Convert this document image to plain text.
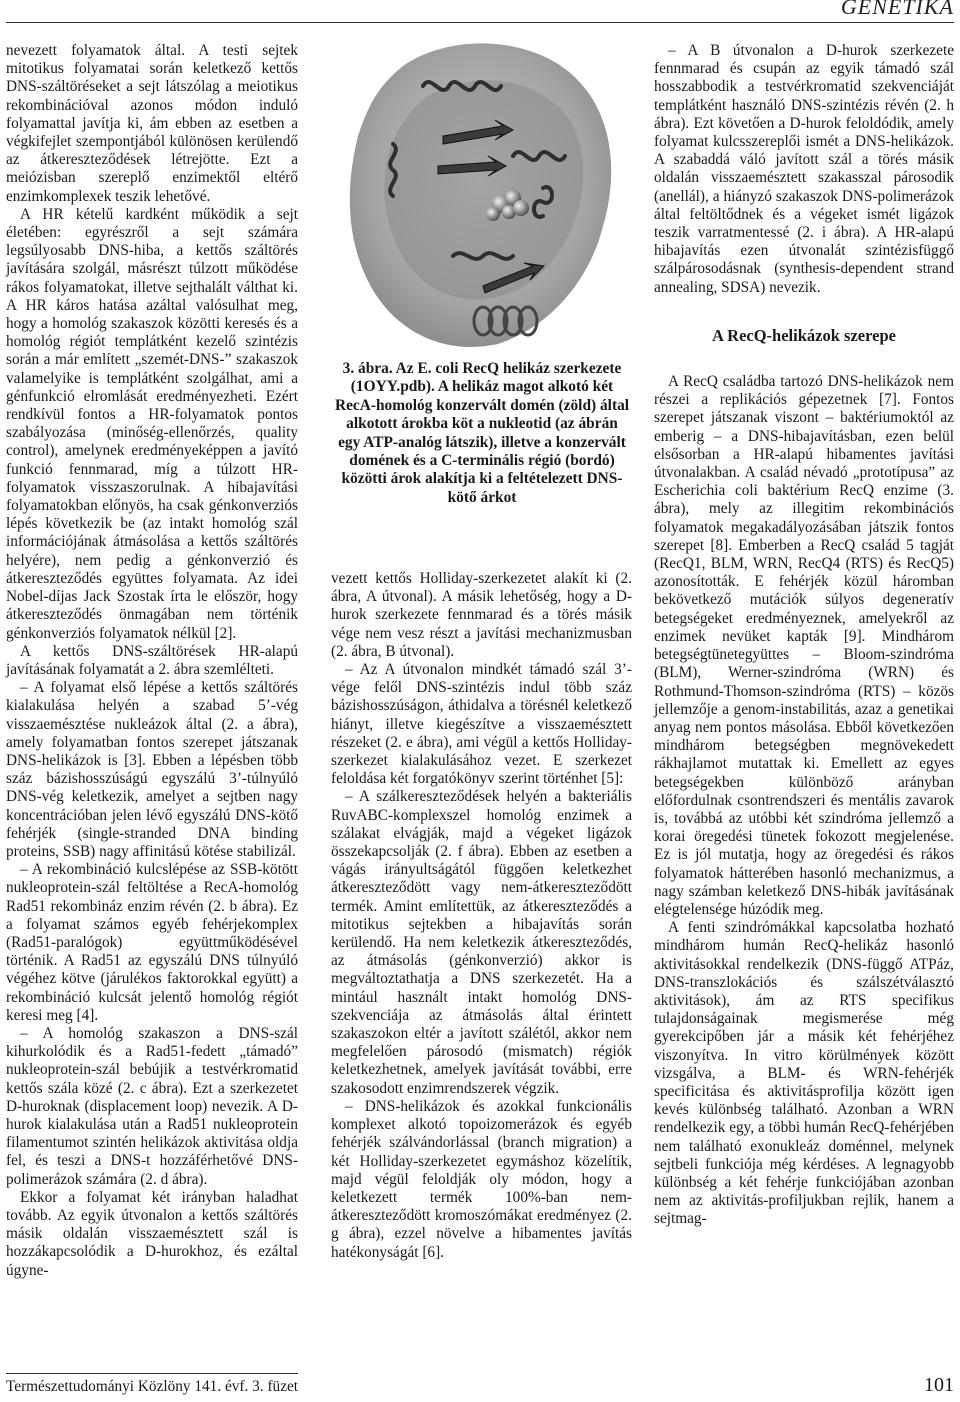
GENETIKA

nevezett folyamatok által. A testi sejtek mitotikus folyamatai során keletkező kettős DNS-száltöréseket a sejt látszólag a meiotikus rekombinációval azonos módon induló folyamattal javítja ki, ám ebben az esetben a végkifejlet szempontjából különösen kerülendő az átkereszteződések létrejötte. Ezt a meiózisban szereplő enzimektől eltérő enzimkomplexek teszik lehetővé.

A HR kételű kardként működik a sejt életében: egyrészről a sejt számára legsúlyosabb DNS-hiba, a kettős száltörés javítására szolgál, másrészt túlzott működése rákos folyamatokat, illetve sejthalált válthat ki. A HR káros hatása azáltal valósulhat meg, hogy a homológ szakaszok közötti keresés és a homológ régiót templátként kezelő szintézis során a már említett „szemét-DNS-” szakaszok valamelyike is templátként szolgálhat, ami a génfunkció elromlását eredményezheti. Ezért rendkívül fontos a HR-folyamatok pontos szabályozása (minőség-ellenőrzés, quality control), amelynek eredményeképpen a javító funkció fennmarad, míg a túlzott HR-folyamatok visszaszorulnak. A hibajavítási folyamatokban előnyös, ha csak génkonverziós lépés következik be (az intakt homológ szál információjának átmásolása a kettős száltörés helyére), nem pedig a génkonverzió és átkereszteződés együttes folyamata. Az idei Nobel-díjas Jack Szostak írta le először, hogy átkereszteződés önmagában nem történik génkonverziós folyamatok nélkül [2].

A kettős DNS-száltörések HR-alapú javításának folyamatát a 2. ábra szemlélteti.

– A folyamat első lépése a kettős száltörés kialakulása helyén a szabad 5’-vég visszaemésztése nukleázok által (2. a ábra), amely folyamatban fontos szerepet játszanak DNS-helikázok is [3]. Ebben a lépésben több száz bázishosszúságú egyszálú 3’-túlnyúló DNS-vég keletkezik, amelyet a sejtben nagy koncentrációban jelen lévő egyszálú DNS-kötő fehérjék (single-stranded DNA binding proteins, SSB) nagy affinitású kötése stabilizál.

– A rekombináció kulcslépése az SSB-kötött nukleoprotein-szál feltöltése a RecA-homológ Rad51 rekombináz enzim révén (2. b ábra). Ez a folyamat számos egyéb fehérjekomplex (Rad51-paralógok) együttműködésével történik. A Rad51 az egyszálú DNS túlnyúló végéhez kötve (járulékos faktorokkal együtt) a rekombináció kulcsát jelentő homológ régiót keresi meg [4].

– A homológ szakaszon a DNS-szál kihurkolódik és a Rad51-fedett „támadó” nukleoprotein-szál bebújik a testvérkromatid kettős szála közé (2. c ábra). Ezt a szerkezetet D-huroknak (displacement loop) nevezik. A D-hurok kialakulása után a Rad51 nukleoprotein filamentumot szintén helikázok aktivitása oldja fel, és teszi a DNS-t hozzáférhetővé DNS-polimerázok számára (2. d ábra).

Ekkor a folyamat két irányban haladhat tovább. Az egyik útvonalon a kettős száltörés másik oldalán visszaemésztett szál is hozzákapcsolódik a D-hurokhoz, és ezáltal úgyne-

3. ábra. Az E. coli RecQ helikáz szerkezete (1OYY.pdb). A helikáz magot alkotó két RecA-homológ konzervált domén (zöld) által alkotott árokba köt a nukleotid (az ábrán egy ATP-analóg látszik), illetve a konzervált domének és a C-terminális régió (bordó) közötti árok alakítja ki a feltételezett DNS-kötő árkot

vezett kettős Holliday-szerkezetet alakít ki (2. ábra, A útvonal). A másik lehetőség, hogy a D-hurok szerkezete fennmarad és a törés másik vége nem vesz részt a javítási mechanizmusban (2. ábra, B útvonal).

– Az A útvonalon mindkét támadó szál 3’-vége felől DNS-szintézis indul több száz bázishosszúságon, áthidalva a törésnél keletkező hiányt, illetve kiegészítve a visszaemésztett részeket (2. e ábra), ami végül a kettős Holliday-szerkezet kialakulásához vezet. E szerkezet feloldása két forgatókönyv szerint történhet [5]:

– A szálkereszteződések helyén a bakteriális RuvABC-komplexszel homológ enzimek a szálakat elvágják, majd a végeket ligázok összekapcsolják (2. f ábra). Ebben az esetben a vágás irányultságától függően keletkezhet átkereszteződött vagy nem-átkereszteződött termék. Amint említettük, az átkereszteződés a mitotikus sejtekben a hibajavítás során kerülendő. Ha nem keletkezik átkereszteződés, az átmásolás (génkonverzió) akkor is megváltoztathatja a DNS szerkezetét. Ha a mintául használt intakt homológ DNS-szekvenciája az átmásolás által érintett szakaszokon eltér a javított szálétól, akkor nem megfelelően párosodó (mismatch) régiók keletkezhetnek, amelyek javítását további, erre szakosodott enzimrendszerek végzik.

– DNS-helikázok és azokkal funkcionális komplexet alkotó topoizomerázok és egyéb fehérjék szálvándorlással (branch migration) a két Holliday-szerkezetet egymáshoz közelítik, majd végül feloldják oly módon, hogy a keletkezett termék 100%-ban nem-átkereszteződött kromoszómákat eredményez (2. g ábra), ezzel növelve a hibamentes javítás hatékonyságát [6].

– A B útvonalon a D-hurok szerkezete fennmarad és csupán az egyik támadó szál hosszabbodik a testvérkromatid szekvenciáját templátként használó DNS-szintézis révén (2. h ábra). Ezt követően a D-hurok feloldódik, amely folyamat kulcsszereplői ismét a DNS-helikázok. A szabaddá váló javított szál a törés másik oldalán visszaemésztett szakasszal párosodik (anellál), a hiányzó szakaszok DNS-polimerázok által feltöltődnek és a végeket ismét ligázok teszik varratmentessé (2. i ábra). A HR-alapú hibajavítás ezen útvonalát szintézisfüggő szálpárosodásnak (synthesis-dependent strand annealing, SDSA) nevezik.

A RecQ-helikázok szerepe

A RecQ családba tartozó DNS-helikázok nem részei a replikációs gépezetnek [7]. Fontos szerepet játszanak viszont – baktériumoktól az emberig – a DNS-hibajavításban, ezen belül elsősorban a HR-alapú hibamentes javítási útvonalakban. A család névadó „prototípusa” az Escherichia coli baktérium RecQ enzime (3. ábra), mely az illegitim rekombinációs folyamatok megakadályozásában játszik fontos szerepet [8]. Emberben a RecQ család 5 tagját (RecQ1, BLM, WRN, RecQ4 (RTS) és RecQ5) azonosították. E fehérjék közül háromban bekövetkező mutációk súlyos degeneratív betegségeket eredményeznek, amelyekről az enzimek nevüket kapták [9]. Mindhárom betegségtünetegyüttes – Bloom-szindróma (BLM), Werner-szindróma (WRN) és Rothmund-Thomson-szindróma (RTS) – közös jellemzője a genom-instabilitás, azaz a genetikai anyag nem pontos másolása. Ebből következően mindhárom betegségben megnövekedett rákhajlamot mutattak ki. Emellett az egyes betegségekben különböző arányban előfordulnak csontrendszeri és mentális zavarok is, továbbá az utóbbi két szindróma jellemző a korai öregedési tünetek fokozott megjelenése. Ez is jól mutatja, hogy az öregedési és rákos folyamatok hátterében hasonló mechanizmus, a nagy számban keletkező DNS-hibák javításának elégtelensége húzódik meg.

A fenti szindrómákkal kapcsolatba hozható mindhárom humán RecQ-helikáz hasonló aktivitásokkal rendelkezik (DNS-függő ATPáz, DNS-transzlokációs és szálszétválasztó aktivitások), ám az RTS specifikus tulajdonságainak megismerése még gyerekcipőben jár a másik két fehérjéhez viszonyítva. In vitro körülmények között vizsgálva, a BLM- és WRN-fehérjék specificitása és aktivitásprofilja között igen kevés különbség található. Azonban a WRN rendelkezik egy, a többi humán RecQ-fehérjében nem található exonukleáz doménnel, melynek sejtbeli funkciója még kérdéses. A legnagyobb különbség a két fehérje funkciójában azonban nem az aktivitás-profiljukban rejlik, hanem a sejtmag-

Természettudományi Közlöny 141. évf. 3. füzet	101
